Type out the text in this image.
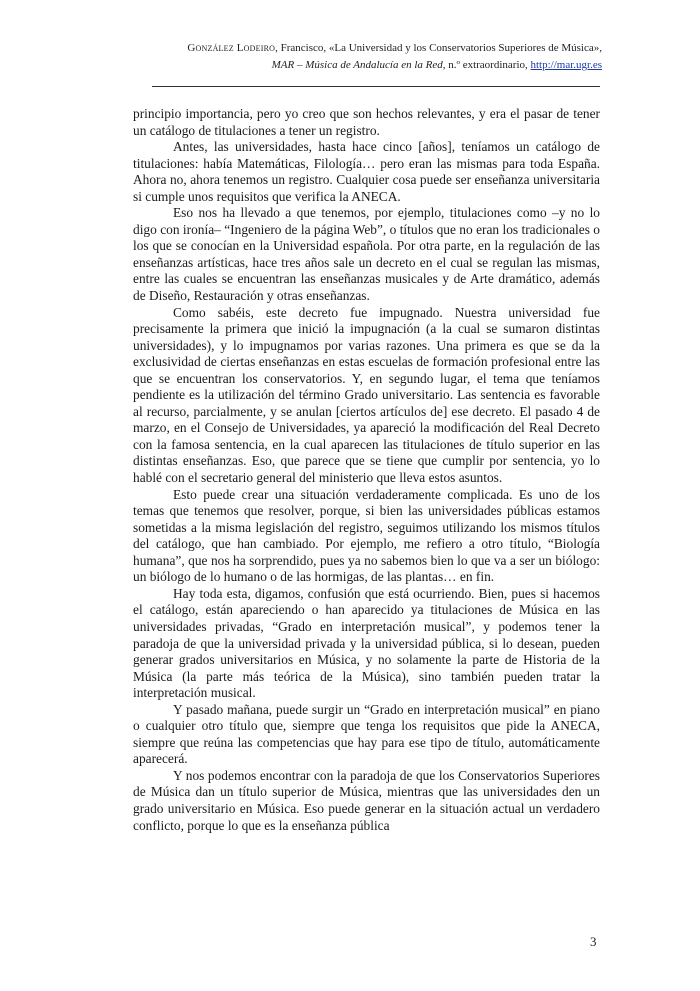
González Lodeiro, Francisco, «La Universidad y los Conservatorios Superiores de Música»,
MAR – Música de Andalucía en la Red, n.º extraordinario, http://mar.ugr.es

principio importancia, pero yo creo que son hechos relevantes, y era el pasar de tener un catálogo de titulaciones a tener un registro.

Antes, las universidades, hasta hace cinco [años], teníamos un catálogo de titulaciones: había Matemáticas, Filología… pero eran las mismas para toda España. Ahora no, ahora tenemos un registro. Cualquier cosa puede ser enseñanza universitaria si cumple unos requisitos que verifica la ANECA.

Eso nos ha llevado a que tenemos, por ejemplo, titulaciones como –y no lo digo con ironía– “Ingeniero de la página Web”, o títulos que no eran los tradicionales o los que se conocían en la Universidad española. Por otra parte, en la regulación de las enseñanzas artísticas, hace tres años sale un decreto en el cual se regulan las mismas, entre las cuales se encuentran las enseñanzas musicales y de Arte dramático, además de Diseño, Restauración y otras enseñanzas.

Como sabéis, este decreto fue impugnado. Nuestra universidad fue precisamente la primera que inició la impugnación (a la cual se sumaron distintas universidades), y lo impugnamos por varias razones. Una primera es que se da la exclusividad de ciertas enseñanzas en estas escuelas de formación profesional entre las que se encuentran los conservatorios. Y, en segundo lugar, el tema que teníamos pendiente es la utilización del término Grado universitario. Las sentencia es favorable al recurso, parcialmente, y se anulan [ciertos artículos de] ese decreto. El pasado 4 de marzo, en el Consejo de Universidades, ya apareció la modificación del Real Decreto con la famosa sentencia, en la cual aparecen las titulaciones de título superior en las distintas enseñanzas. Eso, que parece que se tiene que cumplir por sentencia, yo lo hablé con el secretario general del ministerio que lleva estos asuntos.

Esto puede crear una situación verdaderamente complicada. Es uno de los temas que tenemos que resolver, porque, si bien las universidades públicas estamos sometidas a la misma legislación del registro, seguimos utilizando los mismos títulos del catálogo, que han cambiado. Por ejemplo, me refiero a otro título, “Biología humana”, que nos ha sorprendido, pues ya no sabemos bien lo que va a ser un biólogo: un biólogo de lo humano o de las hormigas, de las plantas… en fin.

Hay toda esta, digamos, confusión que está ocurriendo. Bien, pues si hacemos el catálogo, están apareciendo o han aparecido ya titulaciones de Música en las universidades privadas, “Grado en interpretación musical”, y podemos tener la paradoja de que la universidad privada y la universidad pública, si lo desean, pueden generar grados universitarios en Música, y no solamente la parte de Historia de la Música (la parte más teórica de la Música), sino también pueden tratar la interpretación musical.

Y pasado mañana, puede surgir un “Grado en interpretación musical” en piano o cualquier otro título que, siempre que tenga los requisitos que pide la ANECA, siempre que reúna las competencias que hay para ese tipo de título, automáticamente aparecerá.

Y nos podemos encontrar con la paradoja de que los Conservatorios Superiores de Música dan un título superior de Música, mientras que las universidades den un grado universitario en Música. Eso puede generar en la situación actual un verdadero conflicto, porque lo que es la enseñanza pública

3
